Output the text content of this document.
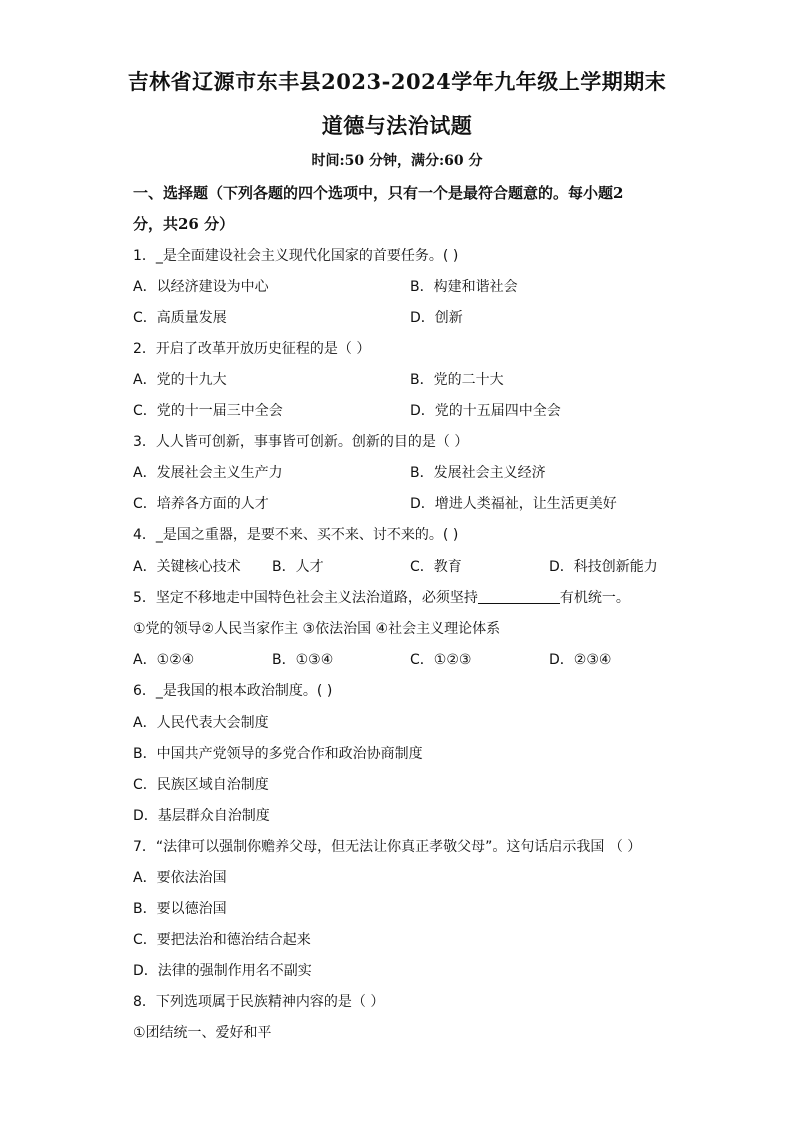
吉林省辽源市东丰县2023-2024学年九年级上学期期末
道德与法治试题
时间:50 分钟，满分:60 分
一、选择题（下列各题的四个选项中，只有一个是最符合题意的。每小题2
分，共26 分）
1．_是全面建设社会主义现代化国家的首要任务。( )
A．以经济建设为中心	B．构建和谐社会
C．高质量发展	D．创新
2．开启了改革开放历史征程的是（ ）
A．党的十九大	B．党的二十大
C．党的十一届三中全会	D．党的十五届四中全会
3．人人皆可创新，事事皆可创新。创新的目的是（ ）
A．发展社会主义生产力	B．发展社会主义经济
C．培养各方面的人才	D．增进人类福祉，让生活更美好
4．_是国之重器，是要不来、买不来、讨不来的。( )
A．关键核心技术 B．人才	C．教育	D．科技创新能力
5．坚定不移地走中国特色社会主义法治道路，必须坚持	有机统一。
①党的领导②人民当家作主 ③依法治国 ④社会主义理论体系
A．①②④	B．①③④	C．①②③	D．②③④
6．_是我国的根本政治制度。( )
A．人民代表大会制度
B．中国共产党领导的多党合作和政治协商制度
C．民族区域自治制度
D．基层群众自治制度
7．“法律可以强制你赡养父母，但无法让你真正孝敬父母”。这句话启示我国 （ ）
A．要依法治国
B．要以德治国
C．要把法治和德治结合起来
D．法律的强制作用名不副实
8．下列选项属于民族精神内容的是（ ）
①团结统一、爱好和平
